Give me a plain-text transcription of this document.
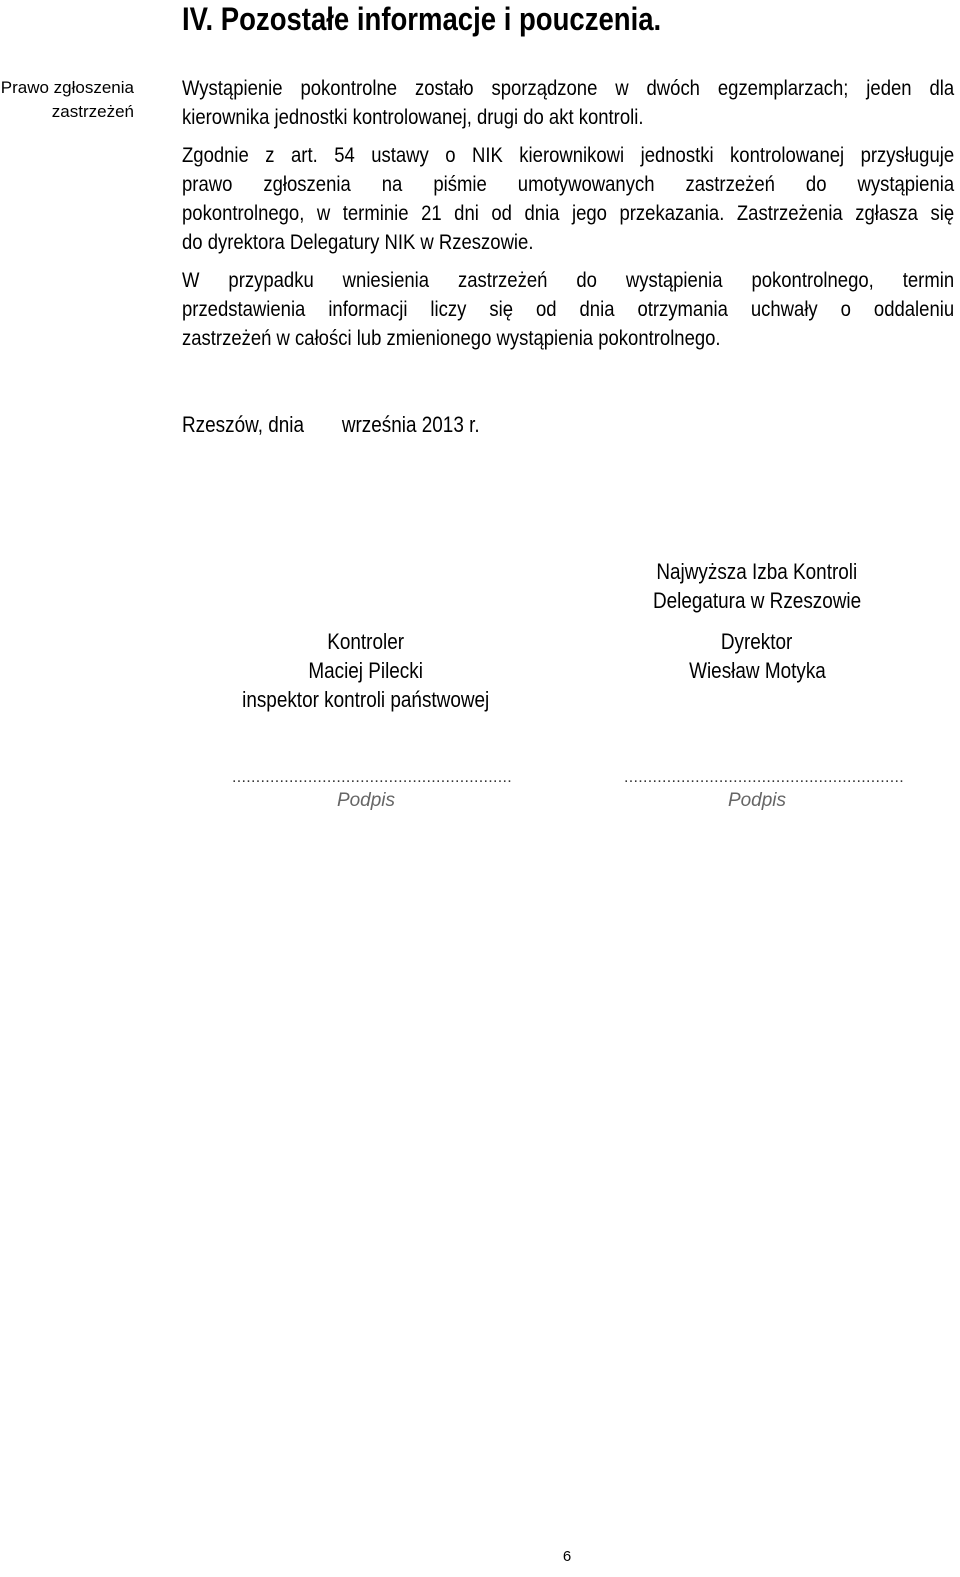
IV. Pozostałe informacje i pouczenia.
Prawo zgłoszenia
zastrzeżeń
Wystąpienie pokontrolne zostało sporządzone w dwóch egzemplarzach; jeden dla
kierownika jednostki kontrolowanej, drugi do akt kontroli.
Zgodnie z art. 54 ustawy o NIK kierownikowi jednostki kontrolowanej przysługuje
prawo zgłoszenia na piśmie umotywowanych zastrzeżeń do wystąpienia
pokontrolnego, w terminie 21 dni od dnia jego przekazania. Zastrzeżenia zgłasza się
do dyrektora Delegatury NIK w Rzeszowie.
W przypadku wniesienia zastrzeżeń do wystąpienia pokontrolnego, termin
przedstawienia informacji liczy się od dnia otrzymania uchwały o oddaleniu
zastrzeżeń w całości lub zmienionego wystąpienia pokontrolnego.
Rzeszów, dnia września 2013 r.
Najwyższa Izba Kontroli
Delegatura w Rzeszowie
Kontroler
Maciej Pilecki
inspektor kontroli państwowej
Dyrektor
Wiesław Motyka
...........................................................	...........................................................
Podpis	Podpis
6
